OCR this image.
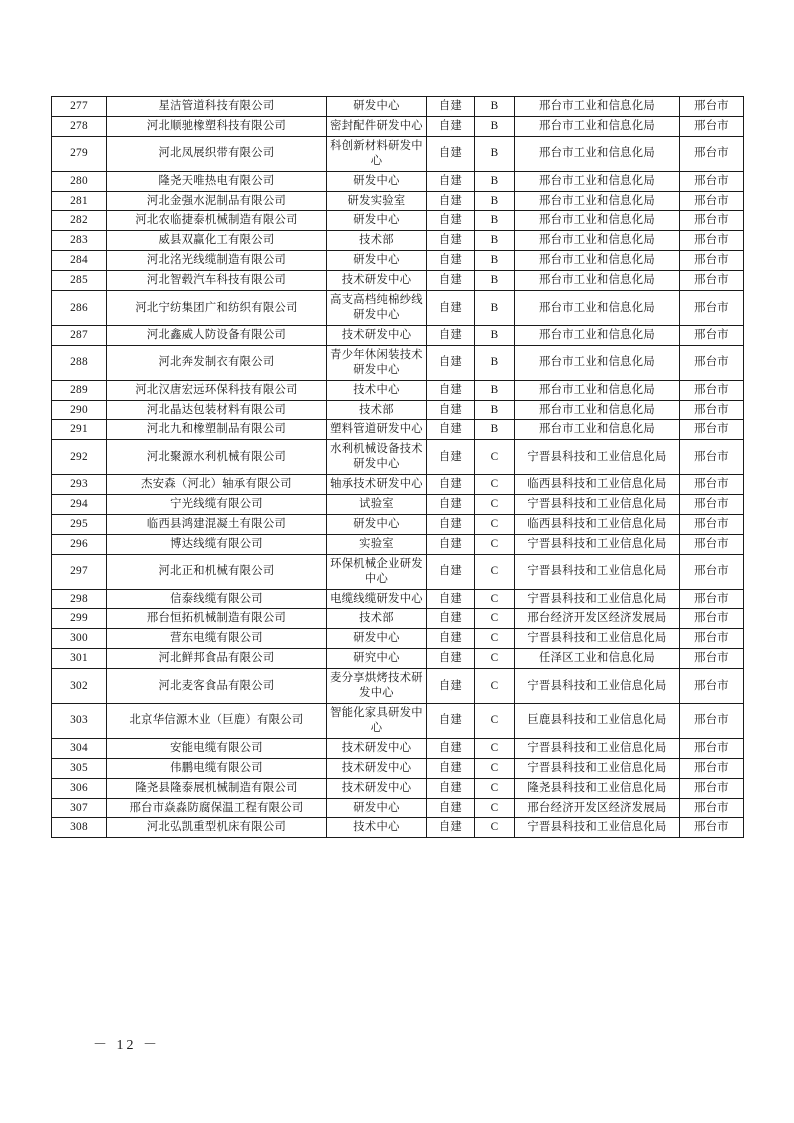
277	星洁管道科技有限公司	研发中心	自建	B	邢台市工业和信息化局	邢台市
278	河北顺驰橡塑科技有限公司	密封配件研发中心	自建	B	邢台市工业和信息化局	邢台市
279	河北凤展织带有限公司	科创新材料研发中心	自建	B	邢台市工业和信息化局	邢台市
280	隆尧天唯热电有限公司	研发中心	自建	B	邢台市工业和信息化局	邢台市
281	河北金强水泥制品有限公司	研发实验室	自建	B	邢台市工业和信息化局	邢台市
282	河北农临捷泰机械制造有限公司	研发中心	自建	B	邢台市工业和信息化局	邢台市
283	威县双赢化工有限公司	技术部	自建	B	邢台市工业和信息化局	邢台市
284	河北洺光线缆制造有限公司	研发中心	自建	B	邢台市工业和信息化局	邢台市
285	河北智毂汽车科技有限公司	技术研发中心	自建	B	邢台市工业和信息化局	邢台市
286	河北宁纺集团广和纺织有限公司	高支高档纯棉纱线研发中心	自建	B	邢台市工业和信息化局	邢台市
287	河北鑫威人防设备有限公司	技术研发中心	自建	B	邢台市工业和信息化局	邢台市
288	河北奔发制衣有限公司	青少年休闲装技术研发中心	自建	B	邢台市工业和信息化局	邢台市
289	河北汉唐宏远环保科技有限公司	技术中心	自建	B	邢台市工业和信息化局	邢台市
290	河北晶达包装材料有限公司	技术部	自建	B	邢台市工业和信息化局	邢台市
291	河北九和橡塑制品有限公司	塑料管道研发中心	自建	B	邢台市工业和信息化局	邢台市
292	河北聚源水利机械有限公司	水利机械设备技术研发中心	自建	C	宁晋县科技和工业信息化局	邢台市
293	杰安森（河北）轴承有限公司	轴承技术研发中心	自建	C	临西县科技和工业信息化局	邢台市
294	宁光线缆有限公司	试验室	自建	C	宁晋县科技和工业信息化局	邢台市
295	临西县鸿建混凝土有限公司	研发中心	自建	C	临西县科技和工业信息化局	邢台市
296	博达线缆有限公司	实验室	自建	C	宁晋县科技和工业信息化局	邢台市
297	河北正和机械有限公司	环保机械企业研发中心	自建	C	宁晋县科技和工业信息化局	邢台市
298	信泰线缆有限公司	电缆线缆研发中心	自建	C	宁晋县科技和工业信息化局	邢台市
299	邢台恒拓机械制造有限公司	技术部	自建	C	邢台经济开发区经济发展局	邢台市
300	营东电缆有限公司	研发中心	自建	C	宁晋县科技和工业信息化局	邢台市
301	河北鲜邦食品有限公司	研究中心	自建	C	任泽区工业和信息化局	邢台市
302	河北麦客食品有限公司	麦分享烘烤技术研发中心	自建	C	宁晋县科技和工业信息化局	邢台市
303	北京华信源木业（巨鹿）有限公司	智能化家具研发中心	自建	C	巨鹿县科技和工业信息化局	邢台市
304	安能电缆有限公司	技术研发中心	自建	C	宁晋县科技和工业信息化局	邢台市
305	伟鹏电缆有限公司	技术研发中心	自建	C	宁晋县科技和工业信息化局	邢台市
306	隆尧县隆泰展机械制造有限公司	技术研发中心	自建	C	隆尧县科技和工业信息化局	邢台市
307	邢台市焱淼防腐保温工程有限公司	研发中心	自建	C	邢台经济开发区经济发展局	邢台市
308	河北弘凯重型机床有限公司	技术中心	自建	C	宁晋县科技和工业信息化局	邢台市
－ 12 －
